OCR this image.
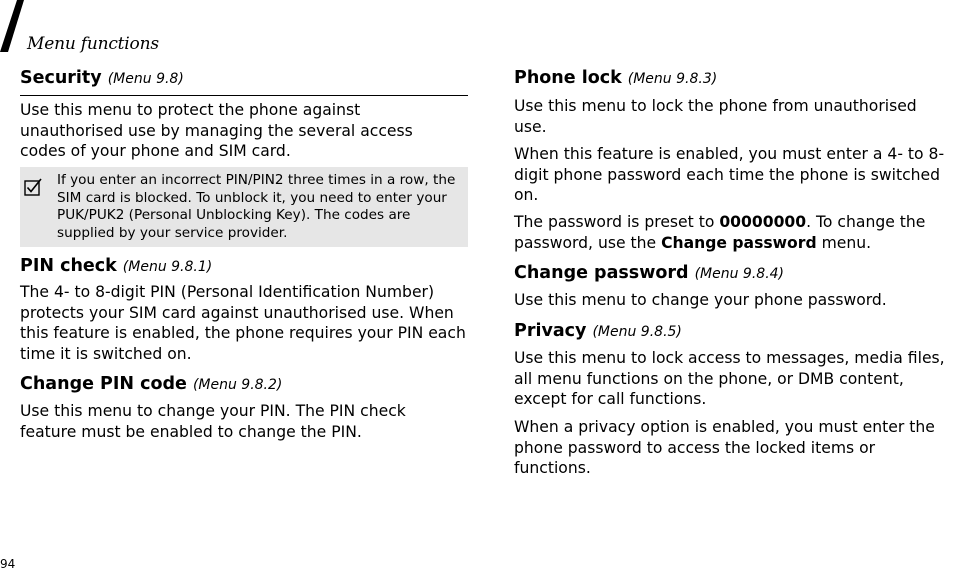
Menu functions
Security (Menu 9.8)

Use this menu to protect the phone against unauthorised use by managing the several access codes of your phone and SIM card.

If you enter an incorrect PIN/PIN2 three times in a row, the SIM card is blocked. To unblock it, you need to enter your PUK/PUK2 (Personal Unblocking Key). The codes are supplied by your service provider.
PIN check (Menu 9.8.1)

The 4- to 8-digit PIN (Personal Identification Number) protects your SIM card against unauthorised use. When this feature is enabled, the phone requires your PIN each time it is switched on.

Change PIN code (Menu 9.8.2)

Use this menu to change your PIN. The PIN check feature must be enabled to change the PIN.

Phone lock (Menu 9.8.3)

Use this menu to lock the phone from unauthorised use.

When this feature is enabled, you must enter a 4- to 8-digit phone password each time the phone is switched on.

The password is preset to 00000000. To change the password, use the Change password menu.

Change password (Menu 9.8.4)

Use this menu to change your phone password.

Privacy (Menu 9.8.5)

Use this menu to lock access to messages, media files, all menu functions on the phone, or DMB content, except for call functions.

When a privacy option is enabled, you must enter the phone password to access the locked items or functions.

94
